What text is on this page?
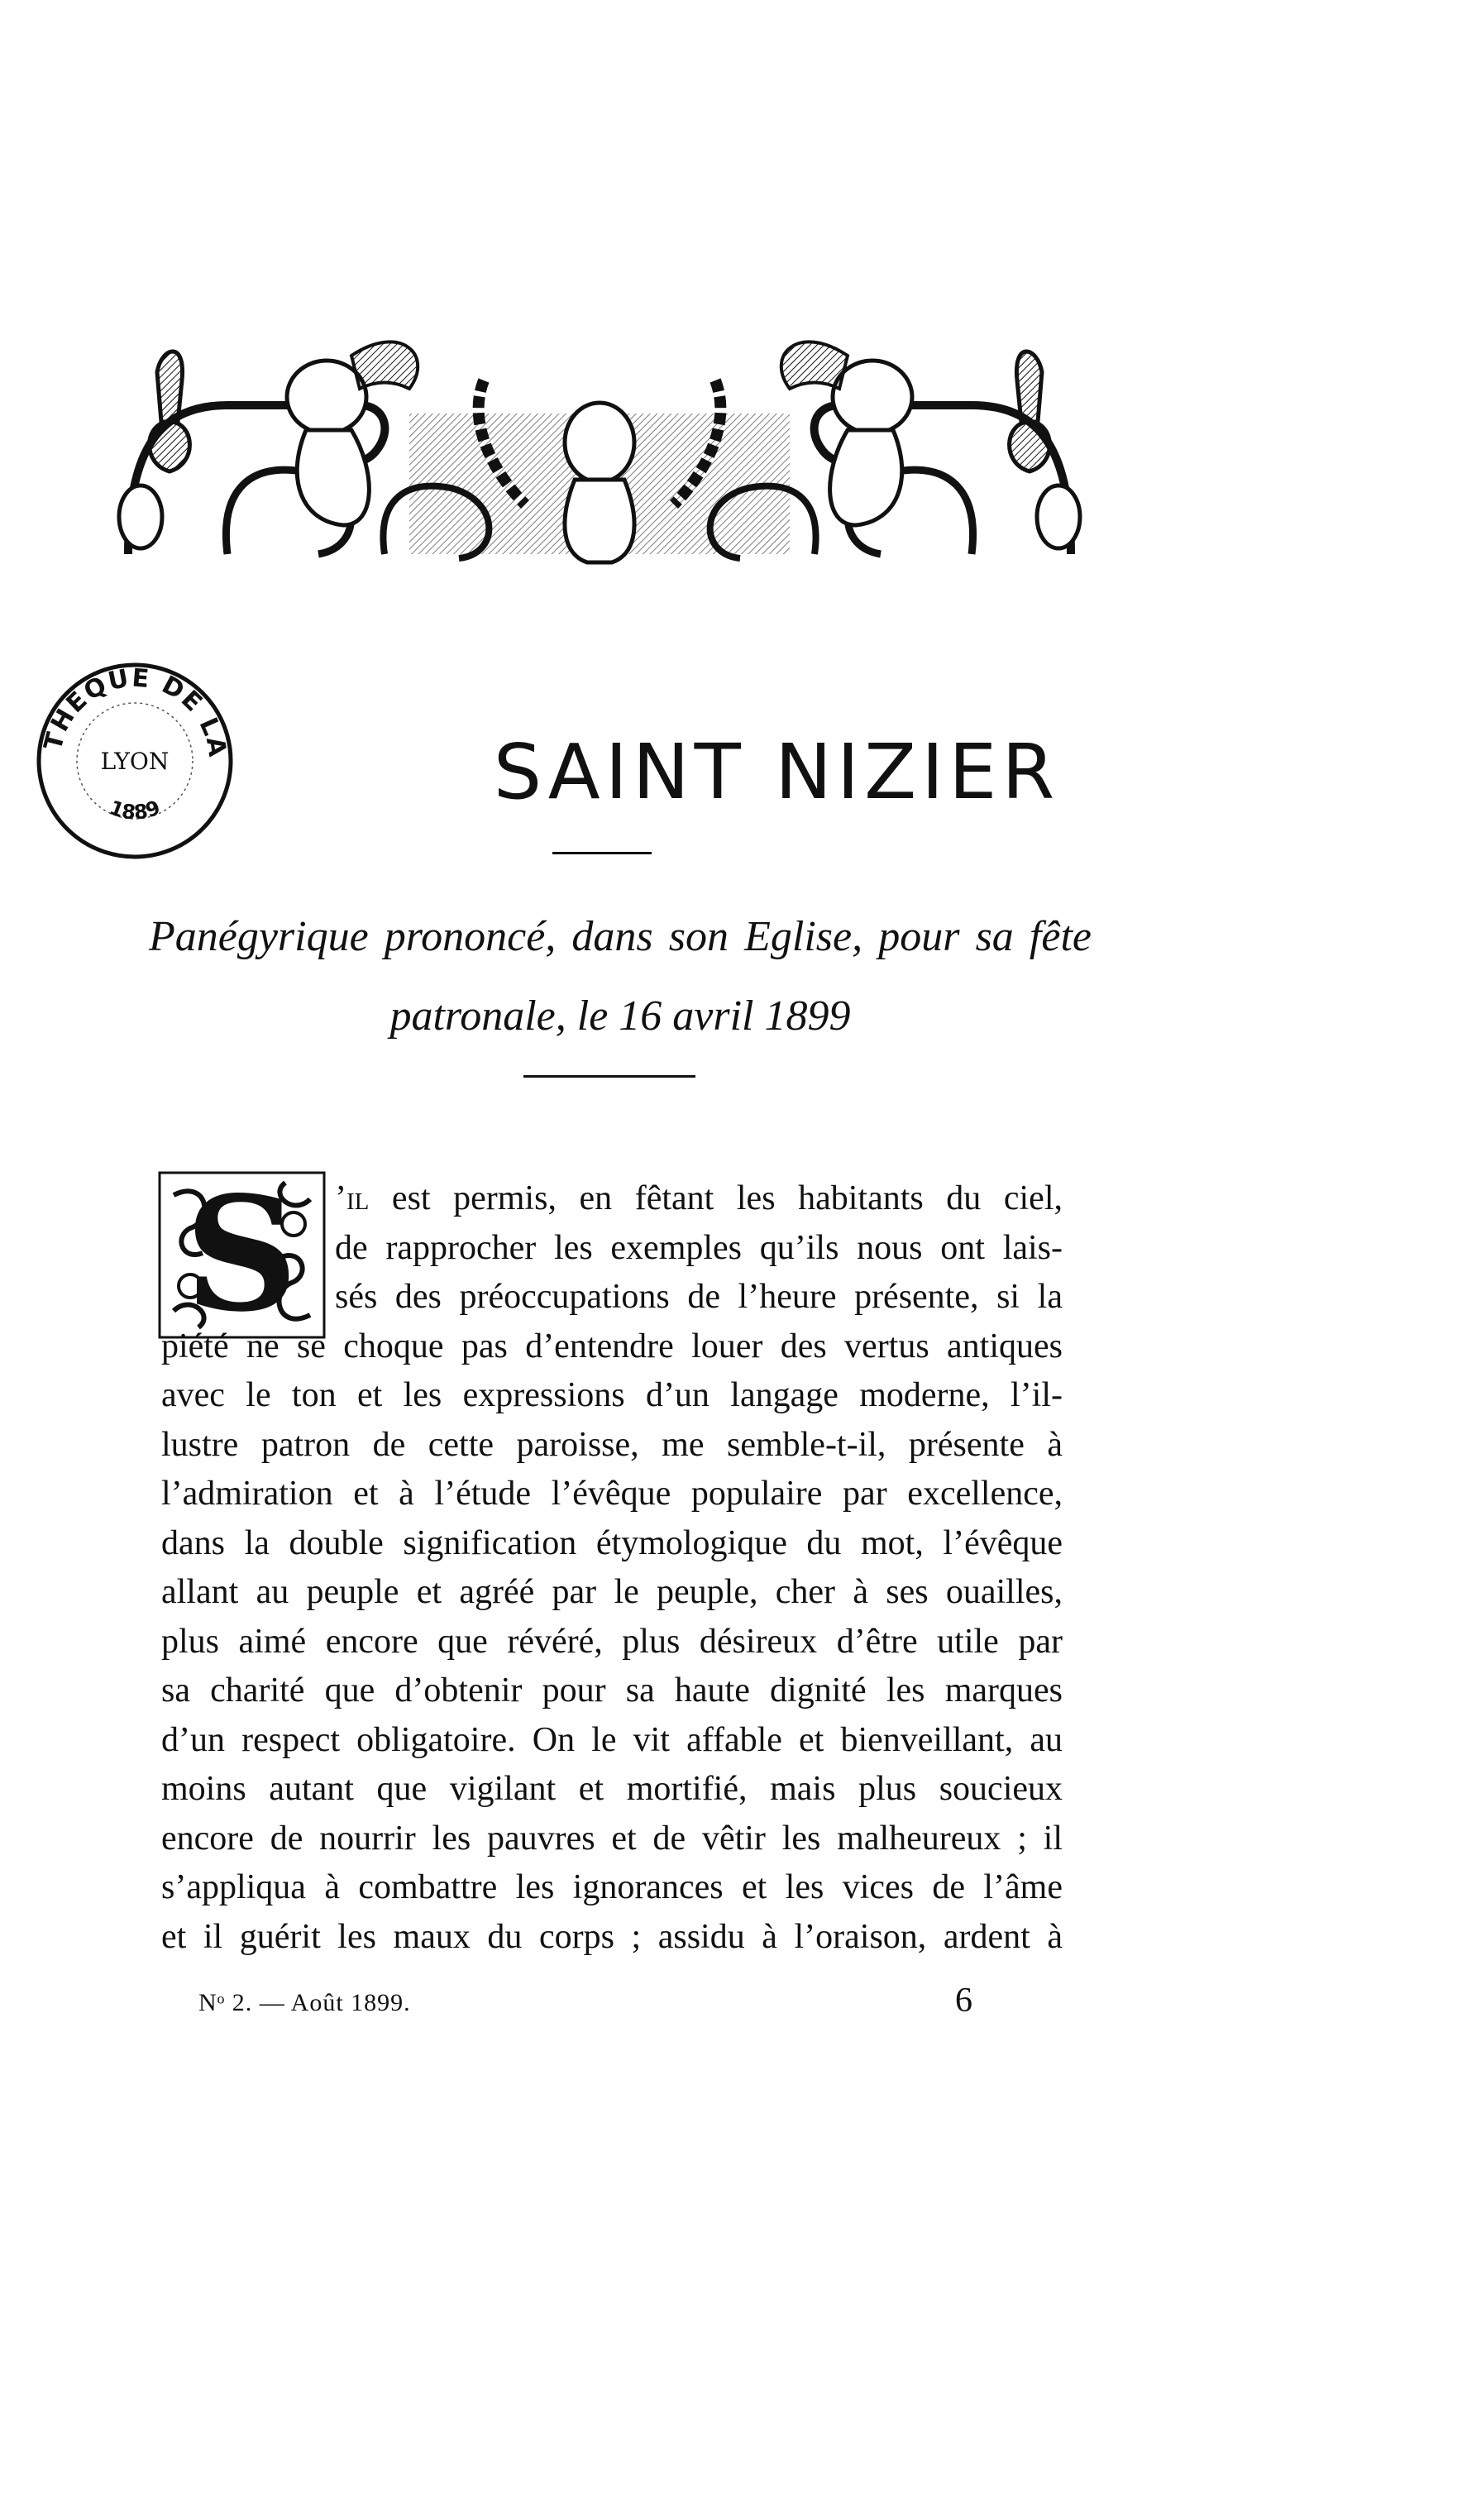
THÈQUE DE LA
LYON
1889	SAINT NIZIER
Panégyrique prononcé, dans son Eglise, pour sa fête
patronale, le 16 avril 1899
S ’il est permis, en fêtant les habitants du ciel,
de rapprocher les exemples qu’ils nous ont lais-
sés des préoccupations de l’heure présente, si la
piété ne se choque pas d’entendre louer des vertus antiques
avec le ton et les expressions d’un langage moderne, l’il-
lustre patron de cette paroisse, me semble-t-il, présente à
l’admiration et à l’étude l’évêque populaire par excellence,
dans la double signification étymologique du mot, l’évêque
allant au peuple et agréé par le peuple, cher à ses ouailles,
plus aimé encore que révéré, plus désireux d’être utile par
sa charité que d’obtenir pour sa haute dignité les marques
d’un respect obligatoire. On le vit affable et bienveillant, au
moins autant que vigilant et mortifié, mais plus soucieux
encore de nourrir les pauvres et de vêtir les malheureux ; il
s’appliqua à combattre les ignorances et les vices de l’âme
et il guérit les maux du corps ; assidu à l’oraison, ardent à
Nᵒ 2. — Août 1899.	6
